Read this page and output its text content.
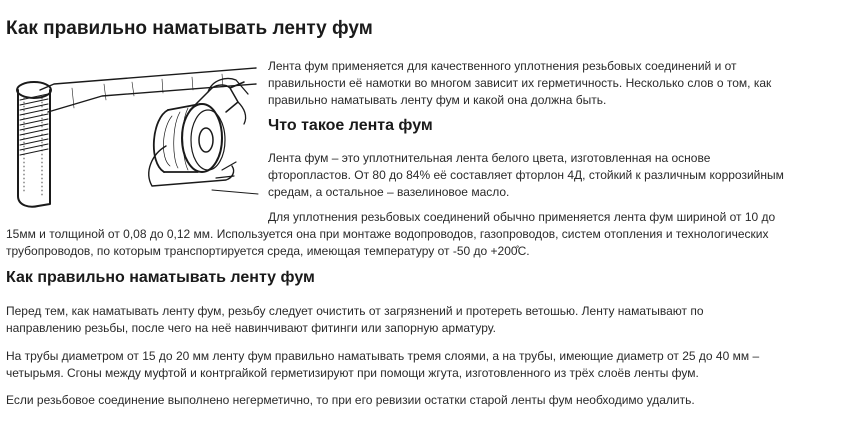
Как правильно наматывать ленту фум

Лента фум применяется для качественного уплотнения резьбовых соединений и от
правильности её намотки во многом зависит их герметичность. Несколько слов о том, как
правильно наматывать ленту фум и какой она должна быть.

Что такое лента фум

Лента фум – это уплотнительная лента белого цвета, изготовленная на основе
фторопластов. От 80 до 84% её составляет фторлон 4Д, стойкий к различным коррозийным
средам, а остальное – вазелиновое масло.

Для уплотнения резьбовых соединений обычно применяется лента фум шириной от 10 до
15мм и толщиной от 0,08 до 0,12 мм. Используется она при монтаже водопроводов, газопроводов, систем отопления и технологических
трубопроводов, по которым транспортируется среда, имеющая температуру от -50 до +200̊С.

Как правильно наматывать ленту фум

Перед тем, как наматывать ленту фум, резьбу следует очистить от загрязнений и протереть ветошью. Ленту наматывают по
направлению резьбы, после чего на неё навинчивают фитинги или запорную арматуру.

На трубы диаметром от 15 до 20 мм ленту фум правильно наматывать тремя слоями, а на трубы, имеющие диаметр от 25 до 40 мм –
четырьмя. Сгоны между муфтой и контргайкой герметизируют при помощи жгута, изготовленного из трёх слоёв ленты фум.

Если резьбовое соединение выполнено негерметично, то при его ревизии остатки старой ленты фум необходимо удалить.
